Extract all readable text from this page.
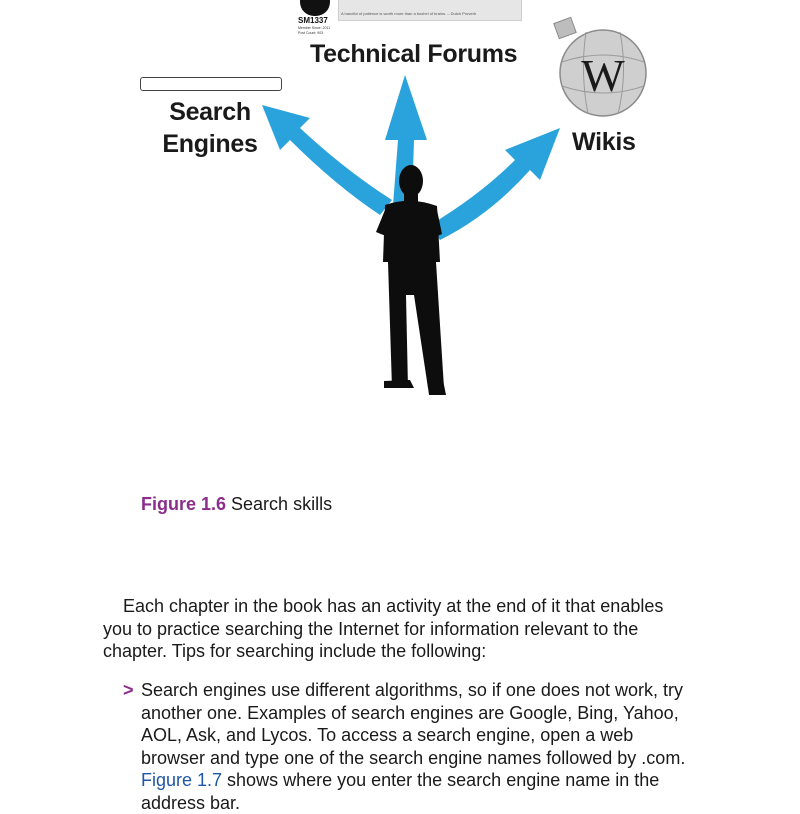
W
A handful of patience is worth more than a bushel of brains. – Dutch Proverb
SM1337
Member Since: 2011
Post Count: 903
Technical Forums
Search
Engines	Wikis
Figure 1.6 Search skills

Each chapter in the book has an activity at the end of it that enables you to practice searching the Internet for information relevant to the chapter. Tips for searching include the following:

> Search engines use different algorithms, so if one does not work, try another one. Examples of search engines are Google, Bing, Yahoo, AOL, Ask, and Lycos. To access a search engine, open a web browser and type one of the search engine names followed by .com. Figure 1.7 shows where you enter the search engine name in the address bar.
